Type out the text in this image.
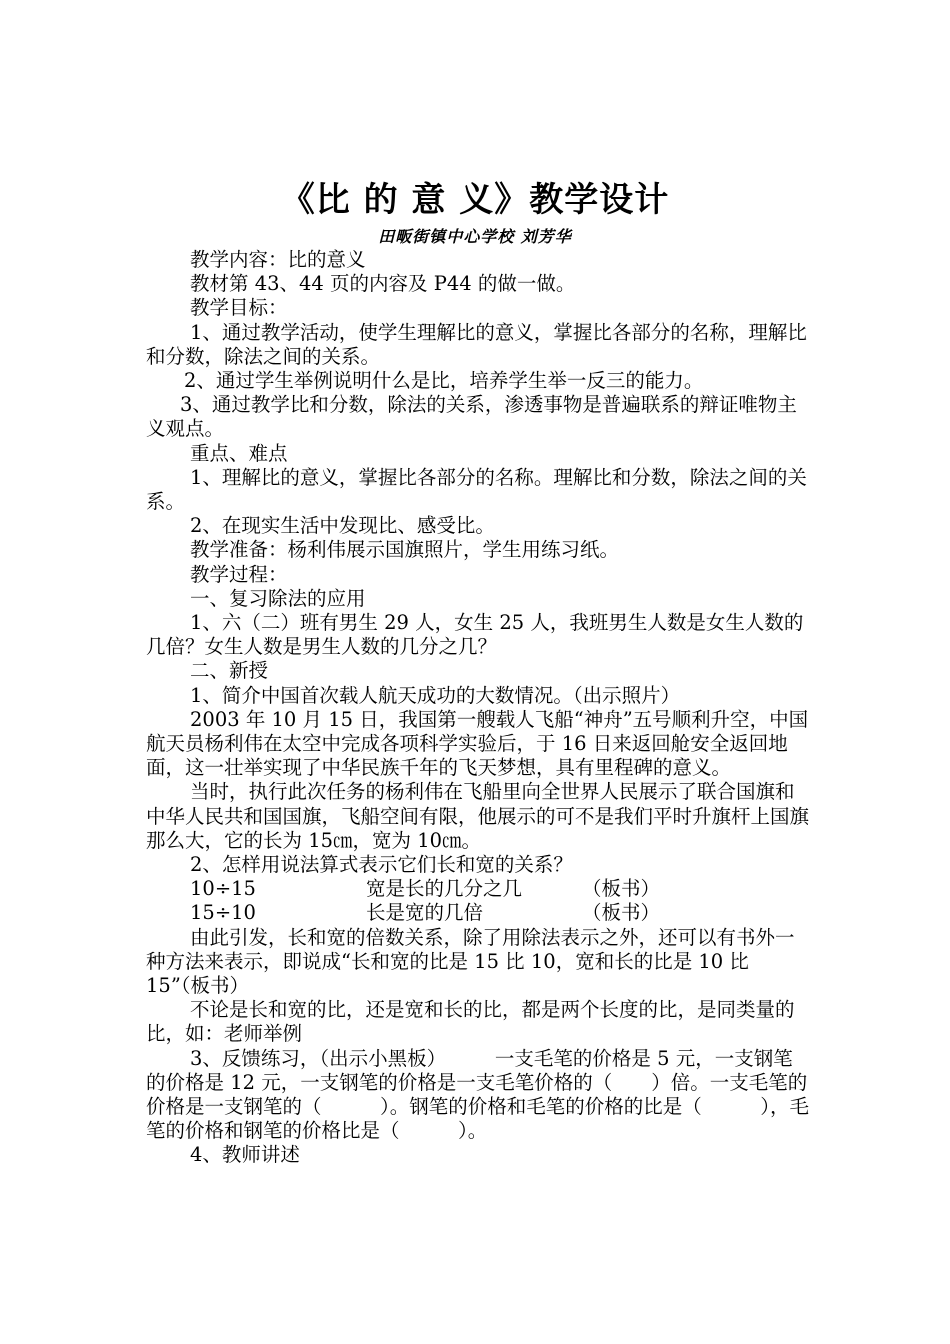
《比 的 意 义》教学设计
田畈街镇中心学校 刘芳华

教学内容：比的意义

教材第 43、44 页的内容及 P44 的做一做。

教学目标：

1、通过教学活动，使学生理解比的意义，掌握比各部分的名称，理解比和分数，除法之间的关系。

2、通过学生举例说明什么是比，培养学生举一反三的能力。

3、通过教学比和分数，除法的关系，渗透事物是普遍联系的辩证唯物主义观点。

重点、难点

1、理解比的意义，掌握比各部分的名称。理解比和分数，除法之间的关系。

2、在现实生活中发现比、感受比。

教学准备：杨利伟展示国旗照片，学生用练习纸。

教学过程：

一、复习除法的应用

1、六（二）班有男生 29 人，女生 25 人，我班男生人数是女生人数的几倍？女生人数是男生人数的几分之几？

二、新授

1、简介中国首次载人航天成功的大数情况。（出示照片）

2003 年 10 月 15 日，我国第一艘载人飞船“神舟”五号顺利升空，中国航天员杨利伟在太空中完成各项科学实验后，于 16 日来返回舱安全返回地面，这一壮举实现了中华民族千年的飞天梦想，具有里程碑的意义。

当时，执行此次任务的杨利伟在飞船里向全世界人民展示了联合国旗和中华人民共和国国旗，飞船空间有限，他展示的可不是我们平时升旗杆上国旗那么大，它的长为 15㎝，宽为 10㎝。

2、怎样用说法算式表示它们长和宽的关系？

10÷15	宽是长的几分之几	（板书）
15÷10	长是宽的几倍	（板书）

由此引发，长和宽的倍数关系，除了用除法表示之外，还可以有书外一种方法来表示，即说成“长和宽的比是 15 比 10，宽和长的比是 10 比 15”（板书）

不论是长和宽的比，还是宽和长的比，都是两个长度的比，是同类量的比，如：老师举例

3、反馈练习，（出示小黑板）　　　一支毛笔的价格是 5 元，一支钢笔的价格是 12 元，一支钢笔的价格是一支毛笔价格的（　　）倍。一支毛笔的价格是一支钢笔的（　　　）。钢笔的价格和毛笔的价格的比是（　　　），毛笔的价格和钢笔的价格比是（　　　）。

4、教师讲述
